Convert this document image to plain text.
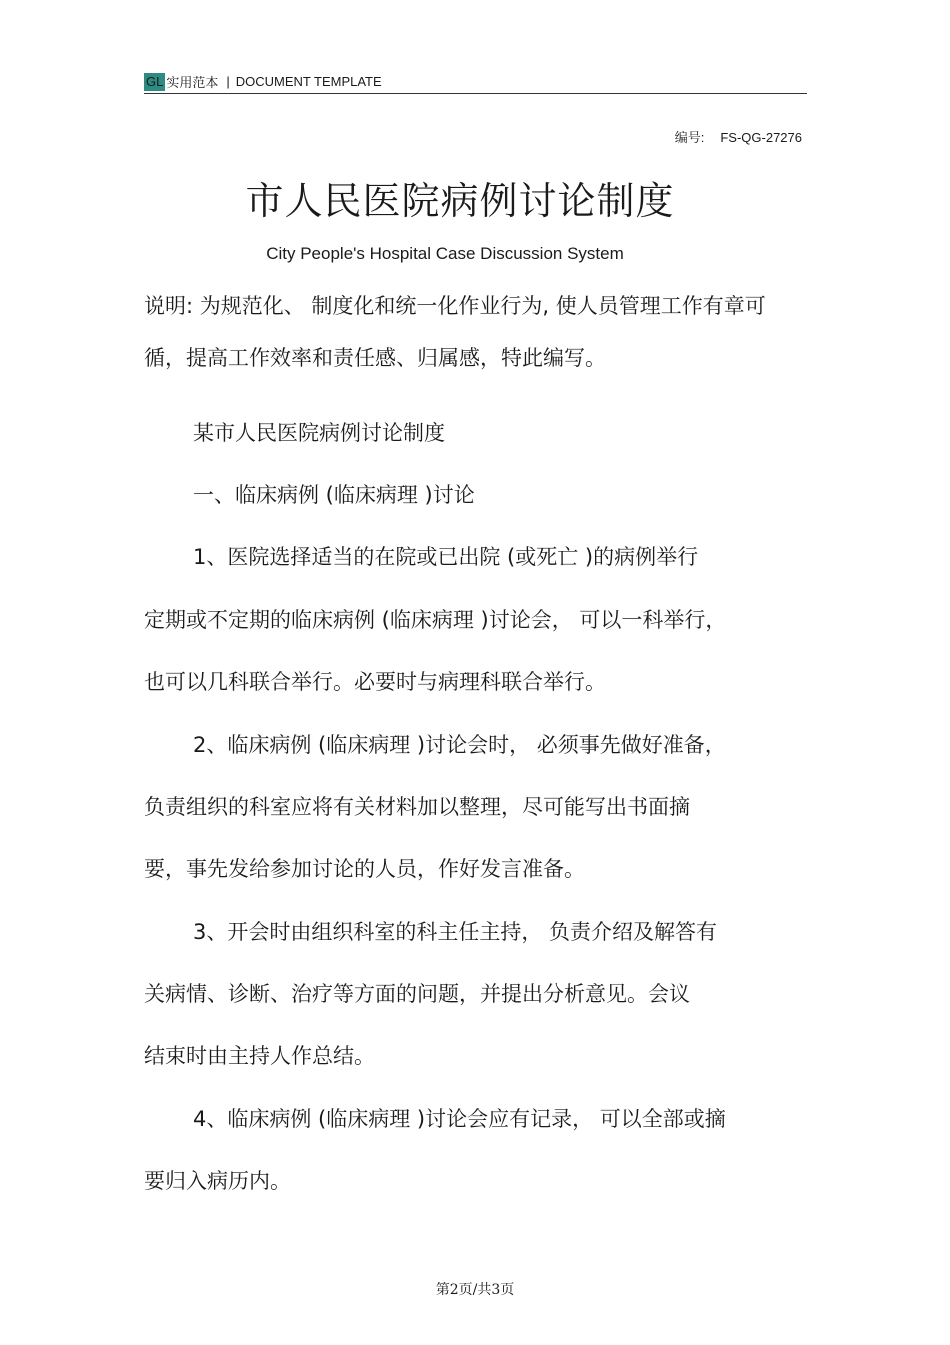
GL 实用范本 | DOCUMENT TEMPLATE
编号: FS-QG-27276
市人民医院病例讨论制度
City People's Hospital Case Discussion System
说明: 为规范化、 制度化和统一化作业行为, 使人员管理工作有章可
循，提高工作效率和责任感、归属感，特此编写。
某市人民医院病例讨论制度
一、临床病例 (临床病理 )讨论
1、医院选择适当的在院或已出院 (或死亡 )的病例举行
定期或不定期的临床病例 (临床病理 )讨论会， 可以一科举行，
也可以几科联合举行。必要时与病理科联合举行。
2、临床病例 (临床病理 )讨论会时， 必须事先做好准备，
负责组织的科室应将有关材料加以整理，尽可能写出书面摘
要，事先发给参加讨论的人员，作好发言准备。
3、开会时由组织科室的科主任主持， 负责介绍及解答有
关病情、诊断、治疗等方面的问题，并提出分析意见。会议
结束时由主持人作总结。
4、临床病例 (临床病理 )讨论会应有记录， 可以全部或摘
要归入病历内。
第2页/共3页
